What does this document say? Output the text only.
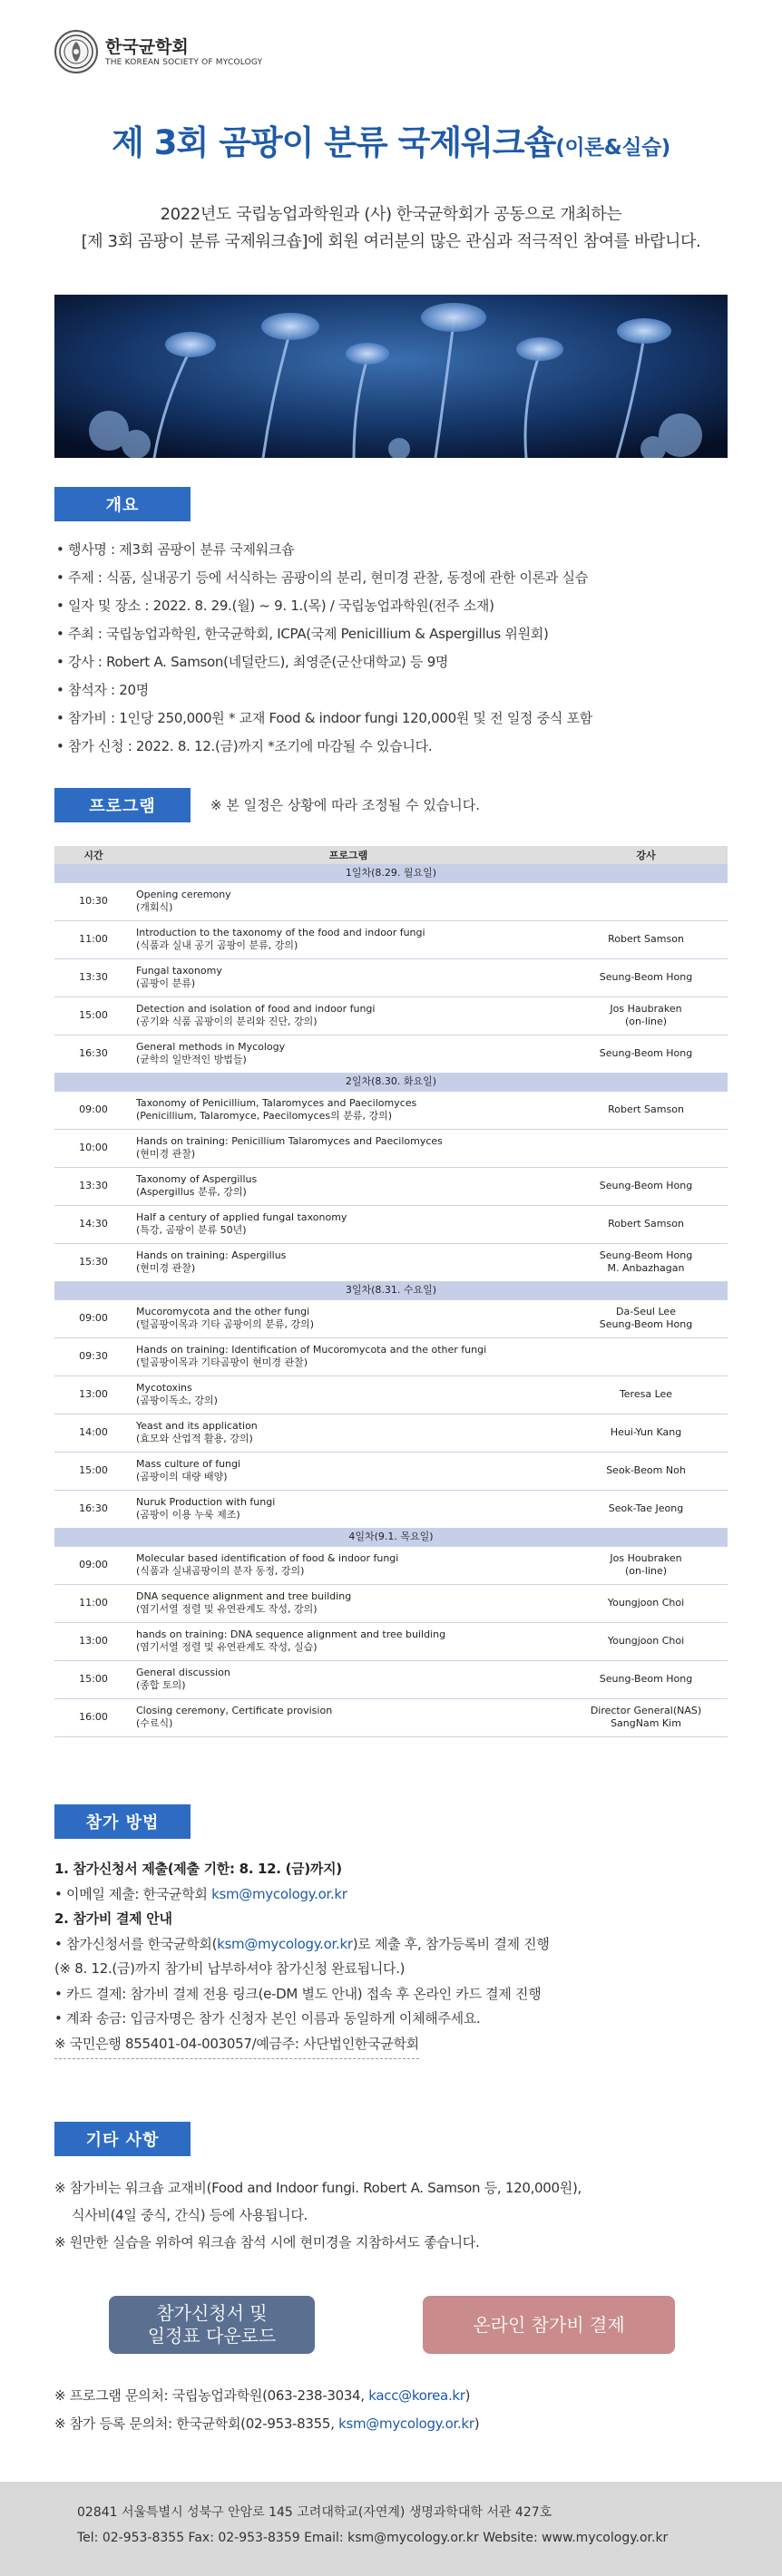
한국균학회
THE KOREAN SOCIETY OF MYCOLOGY
제 3회 곰팡이 분류 국제워크숍(이론&실습)
2022년도 국립농업과학원과 (사) 한국균학회가 공동으로 개최하는
[제 3회 곰팡이 분류 국제워크숍]에 회원 여러분의 많은 관심과 적극적인 참여를 바랍니다.
개요
• 행사명 : 제3회 곰팡이 분류 국제워크숍
• 주제 : 식품, 실내공기 등에 서식하는 곰팡이의 분리, 현미경 관찰, 동정에 관한 이론과 실습
• 일자 및 장소 : 2022. 8. 29.(월) ~ 9. 1.(목) / 국립농업과학원(전주 소재)
• 주최 : 국립농업과학원, 한국균학회, ICPA(국제 Penicillium & Aspergillus 위원회)
• 강사 : Robert A. Samson(네덜란드), 최영준(군산대학교) 등 9명
• 참석자 : 20명
• 참가비 : 1인당 250,000원 * 교재 Food & indoor fungi 120,000원 및 전 일정 중식 포함
• 참가 신청 : 2022. 8. 12.(금)까지 *조기에 마감될 수 있습니다.
프로그램	※ 본 일정은 상황에 따라 조정될 수 있습니다.
시간	프로그램	강사
1일차(8.29. 월요일)		
10:30	Opening ceremony
(개회식)	

11:00	Introduction to the taxonomy of the food and indoor fungi
(식품과 실내 공기 곰팡이 분류, 강의)	Robert Samson
13:30	Fungal taxonomy
(곰팡이 분류)	Seung-Beom Hong
15:00	Detection and isolation of food and indoor fungi
(공기와 식품 곰팡이의 분리와 진단, 강의)	Jos Haubraken
(on-line)
16:30	General methods in Mycology
(균학의 일반적인 방법들)	Seung-Beom Hong
2일차(8.30. 화요일)		
09:00	Taxonomy of Penicillium, Talaromyces and Paecilomyces
(Penicillium, Talaromyce, Paecilomyces의 분류, 강의)	Robert Samson
10:00	Hands on training: Penicillium Talaromyces and Paecilomyces
(현미경 관찰)	

13:30	Taxonomy of Aspergillus
(Aspergillus 분류, 강의)	Seung-Beom Hong
14:30	Half a century of applied fungal taxonomy
(특강, 곰팡이 분류 50년)	Robert Samson
15:30	Hands on training: Aspergillus
(현미경 관찰)	Seung-Beom Hong
M. Anbazhagan
3일차(8.31. 수요일)		
09:00	Mucoromycota and the other fungi
(털곰팡이목과 기타 곰팡이의 분류, 강의)	Da-Seul Lee
Seung-Beom Hong
09:30	Hands on training: Identification of Mucoromycota and the other fungi
(털곰팡이목과 기타곰팡이 현미경 관찰)	

13:00	Mycotoxins
(곰팡이독소, 강의)	Teresa Lee
14:00	Yeast and its application
(효모와 산업적 활용, 강의)	Heui-Yun Kang
15:00	Mass culture of fungi
(곰팡이의 대량 배양)	Seok-Beom Noh
16:30	Nuruk Production with fungi
(곰팡이 이용 누룩 제조)	Seok-Tae Jeong
4일차(9.1. 목요일)		
09:00	Molecular based identification of food & indoor fungi
(식품과 실내곰팡이의 분자 동정, 강의)	Jos Houbraken
(on-line)
11:00	DNA sequence alignment and tree building
(염기서열 정렬 및 유연관계도 작성, 강의)	Youngjoon Choi
13:00	hands on training: DNA sequence alignment and tree building
(염기서열 정렬 및 유연관계도 작성, 실습)	Youngjoon Choi
15:00	General discussion
(종합 토의)	Seung-Beom Hong
16:00	Closing ceremony, Certificate provision
(수료식)	Director General(NAS)
SangNam Kim
참가 방법
1. 참가신청서 제출(제출 기한: 8. 12. (금)까지)
• 이메일 제출: 한국균학회 ksm@mycology.or.kr
2. 참가비 결제 안내
• 참가신청서를 한국균학회(ksm@mycology.or.kr)로 제출 후, 참가등록비 결제 진행
(※ 8. 12.(금)까지 참가비 납부하셔야 참가신청 완료됩니다.)
• 카드 결제: 참가비 결제 전용 링크(e-DM 별도 안내) 접속 후 온라인 카드 결제 진행
• 계좌 송금: 입금자명은 참가 신청자 본인 이름과 동일하게 이체해주세요.
※ 국민은행 855401-04-003057/예금주: 사단법인한국균학회
기타 사항
※ 참가비는 워크숍 교재비(Food and Indoor fungi. Robert A. Samson 등, 120,000원),
식사비(4일 중식, 간식) 등에 사용됩니다.
※ 원만한 실습을 위하여 워크숍 참석 시에 현미경을 지참하셔도 좋습니다.
참가신청서 및
일정표 다운로드
온라인 참가비 결제
※ 프로그램 문의처: 국립농업과학원(063-238-3034, kacc@korea.kr)
※ 참가 등록 문의처: 한국균학회(02-953-8355, ksm@mycology.or.kr)
02841 서울특별시 성북구 안암로 145 고려대학교(자연계) 생명과학대학 서관 427호
Tel: 02-953-8355 Fax: 02-953-8359 Email: ksm@mycology.or.kr Website: www.mycology.or.kr
